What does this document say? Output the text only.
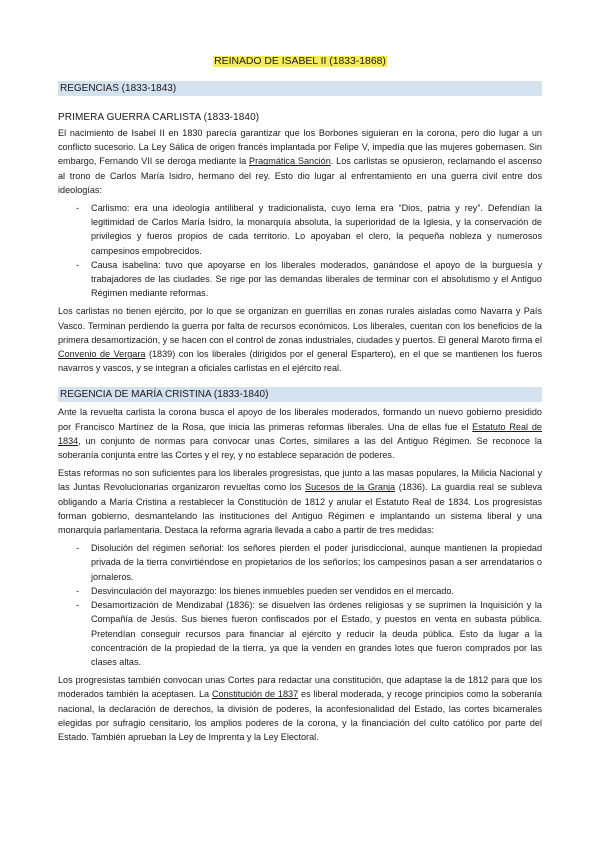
REINADO DE ISABEL II (1833-1868)
REGENCIAS (1833-1843)
PRIMERA GUERRA CARLISTA (1833-1840)

El nacimiento de Isabel II en 1830 parecía garantizar que los Borbones siguieran en la corona, pero dio lugar a un conflicto sucesorio. La Ley Sálica de origen francés implantada por Felipe V, impedía que las mujeres gobernasen. Sin embargo, Fernando VII se deroga mediante la Pragmática Sanción. Los carlistas se opusieron, reclamando el ascenso al trono de Carlos María Isidro, hermano del rey. Esto dio lugar al enfrentamiento en una guerra civil entre dos ideologías:

- Carlismo: era una ideología antiliberal y tradicionalista, cuyo lema era “Dios, patria y rey”. Defendían la legitimidad de Carlos María Isidro, la monarquía absoluta, la superioridad de la Iglesia, y la conservación de privilegios y fueros propios de cada territorio. Lo apoyaban el clero, la pequeña nobleza y numerosos campesinos empobrecidos.
- Causa isabelina: tuvo que apoyarse en los liberales moderados, ganándose el apoyo de la burguesía y trabajadores de las ciudades. Se rige por las demandas liberales de terminar con el absolutismo y el Antiguo Régimen mediante reformas.

Los carlistas no tienen ejército, por lo que se organizan en guerrillas en zonas rurales aisladas como Navarra y País Vasco. Terminan perdiendo la guerra por falta de recursos económicos. Los liberales, cuentan con los beneficios de la primera desamortización, y se hacen con el control de zonas industriales, ciudades y puertos. El general Maroto firma el Convenio de Vergara (1839) con los liberales (dirigidos por el general Espartero), en el que se mantienen los fueros navarros y vascos, y se integran a oficiales carlistas en el ejército real.

REGENCIA DE MARÍA CRISTINA (1833-1840)

Ante la revuelta carlista la corona busca el apoyo de los liberales moderados, formando un nuevo gobierno presidido por Francisco Martínez de la Rosa, que inicia las primeras reformas liberales. Una de ellas fue el Estatuto Real de 1834, un conjunto de normas para convocar unas Cortes, similares a las del Antiguo Régimen. Se reconoce la soberanía conjunta entre las Cortes y el rey, y no establece separación de poderes.

Estas reformas no son suficientes para los liberales progresistas, que junto a las masas populares, la Milicia Nacional y las Juntas Revolucionarias organizaron revueltas como los Sucesos de la Granja (1836). La guardia real se subleva obligando a María Cristina a restablecer la Constitución de 1812 y anular el Estatuto Real de 1834. Los progresistas forman gobierno, desmantelando las instituciones del Antiguo Régimen e implantando un sistema liberal y una monarquía parlamentaria. Destaca la reforma agraria llevada a cabo a partir de tres medidas:

- Disolución del régimen señorial: los señores pierden el poder jurisdiccional, aunque mantienen la propiedad privada de la tierra convirtiéndose en propietarios de los señoríos; los campesinos pasan a ser arrendatarios o jornaleros.
- Desvinculación del mayorazgo: los bienes inmuebles pueden ser vendidos en el mercado.
- Desamortización de Mendizabal (1836): se disuelven las órdenes religiosas y se suprimen la Inquisición y la Compañía de Jesús. Sus bienes fueron confiscados por el Estado, y puestos en venta en subasta pública. Pretendían conseguir recursos para financiar al ejército y reducir la deuda pública. Esto da lugar a la concentración de la propiedad de la tierra, ya que la venden en grandes lotes que fueron comprados por las clases altas.

Los progresistas también convocan unas Cortes para redactar una constitución, que adaptase la de 1812 para que los moderados también la aceptasen. La Constitución de 1837 es liberal moderada, y recoge principios como la soberanía nacional, la declaración de derechos, la división de poderes, la aconfesionalidad del Estado, las cortes bicamerales elegidas por sufragio censitario, los amplios poderes de la corona, y la financiación del culto católico por parte del Estado. También aprueban la Ley de Imprenta y la Ley Electoral.
